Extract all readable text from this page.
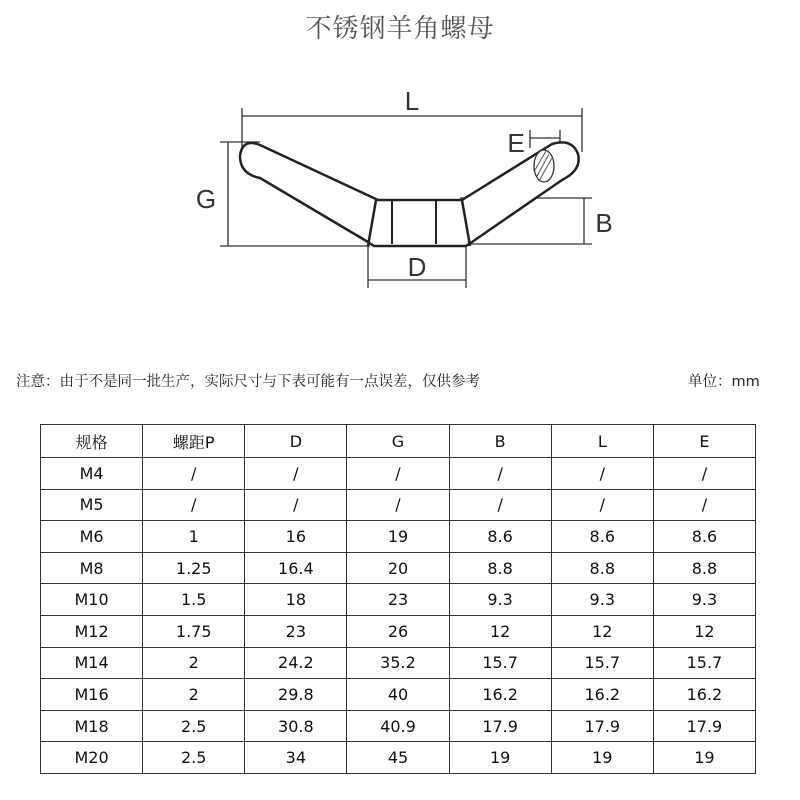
不锈钢羊角螺母
L
E
G
B
D
注意：由于不是同一批生产，实际尺寸与下表可能有一点误差，仅供参考	单位：mm
规格	螺距P	D	G	B	L	E
M4	/	/	/	/	/	/
M5	/	/	/	/	/	/
M6	1	16	19	8.6	8.6	8.6
M8	1.25	16.4	20	8.8	8.8	8.8
M10	1.5	18	23	9.3	9.3	9.3
M12	1.75	23	26	12	12	12
M14	2	24.2	35.2	15.7	15.7	15.7
M16	2	29.8	40	16.2	16.2	16.2
M18	2.5	30.8	40.9	17.9	17.9	17.9
M20	2.5	34	45	19	19	19
